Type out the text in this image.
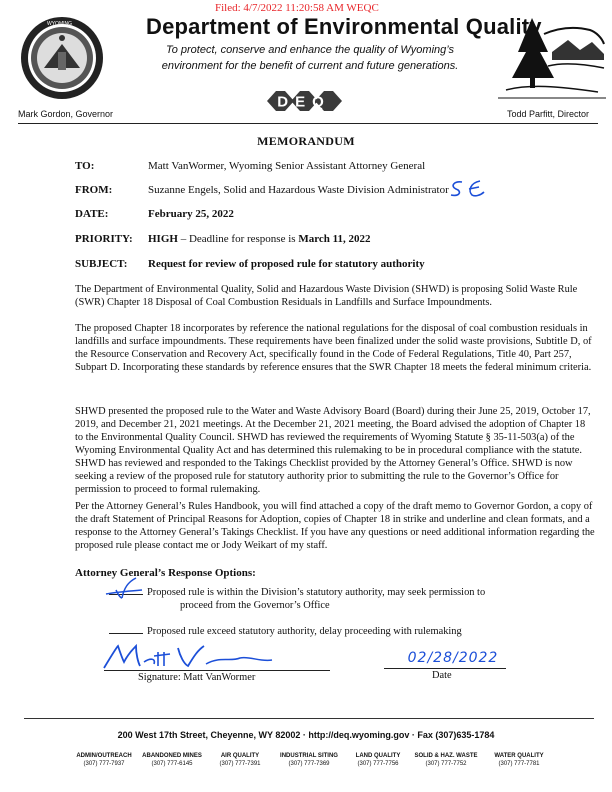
Filed: 4/7/2022 11:20:58 AM WEQC
WYOMING	Department of Environmental Quality
To protect, conserve and enhance the quality of Wyoming’s
environment for the benefit of current and future generations.
DEQ
Mark Gordon, Governor	Todd Parfitt, Director
MEMORANDUM
TO:	Matt VanWormer, Wyoming Senior Assistant Attorney General
FROM:	Suzanne Engels, Solid and Hazardous Waste Division Administrator
DATE:	February 25, 2022
PRIORITY: HIGH – Deadline for response is March 11, 2022
SUBJECT: Request for review of proposed rule for statutory authority
The Department of Environmental Quality, Solid and Hazardous Waste Division (SHWD) is proposing Solid Waste Rule (SWR) Chapter 18 Disposal of Coal Combustion Residuals in Landfills and Surface Impoundments.
The proposed Chapter 18 incorporates by reference the national regulations for the disposal of coal combustion residuals in landfills and surface impoundments. These requirements have been finalized under the solid waste provisions, Subtitle D, of the Resource Conservation and Recovery Act, specifically found in the Code of Federal Regulations, Title 40, Part 257, Subpart D. Incorporating these standards by reference ensures that the SWR Chapter 18 meets the federal minimum criteria.
SHWD presented the proposed rule to the Water and Waste Advisory Board (Board) during their June 25, 2019, October 17, 2019, and December 21, 2021 meetings. At the December 21, 2021 meeting, the Board advised the adoption of Chapter 18 to the Environmental Quality Council. SHWD has reviewed the requirements of Wyoming Statute § 35-11-503(a) of the Wyoming Environmental Quality Act and has determined this rulemaking to be in procedural compliance with the statute. SHWD has reviewed and responded to the Takings Checklist provided by the Attorney General’s Office. SHWD is now seeking a review of the proposed rule for statutory authority prior to submitting the rule to the Governor’s Office for permission to proceed to formal rulemaking.
Per the Attorney General’s Rules Handbook, you will find attached a copy of the draft memo to Governor Gordon, a copy of the draft Statement of Principal Reasons for Adoption, copies of Chapter 18 in strike and underline and clean formats, and a response to the Attorney General’s Takings Checklist. If you have any questions or need additional information regarding the proposed rule please contact me or Jody Weikart of my staff.
Attorney General’s Response Options:
Proposed rule is within the Division’s statutory authority, may seek permission to
proceed from the Governor’s Office
Proposed rule exceed statutory authority, delay proceeding with rulemaking
Signature: Matt VanWormer
02/28/2022
Date
200 West 17th Street, Cheyenne, WY 82002 · http://deq.wyoming.gov · Fax (307)635-1784
ADMIN/OUTREACH
(307) 777-7937
ABANDONED MINES
(307) 777-6145
AIR QUALITY
(307) 777-7391
INDUSTRIAL SITING
(307) 777-7369
LAND QUALITY
(307) 777-7756
SOLID & HAZ. WASTE
(307) 777-7752
WATER QUALITY
(307) 777-7781
